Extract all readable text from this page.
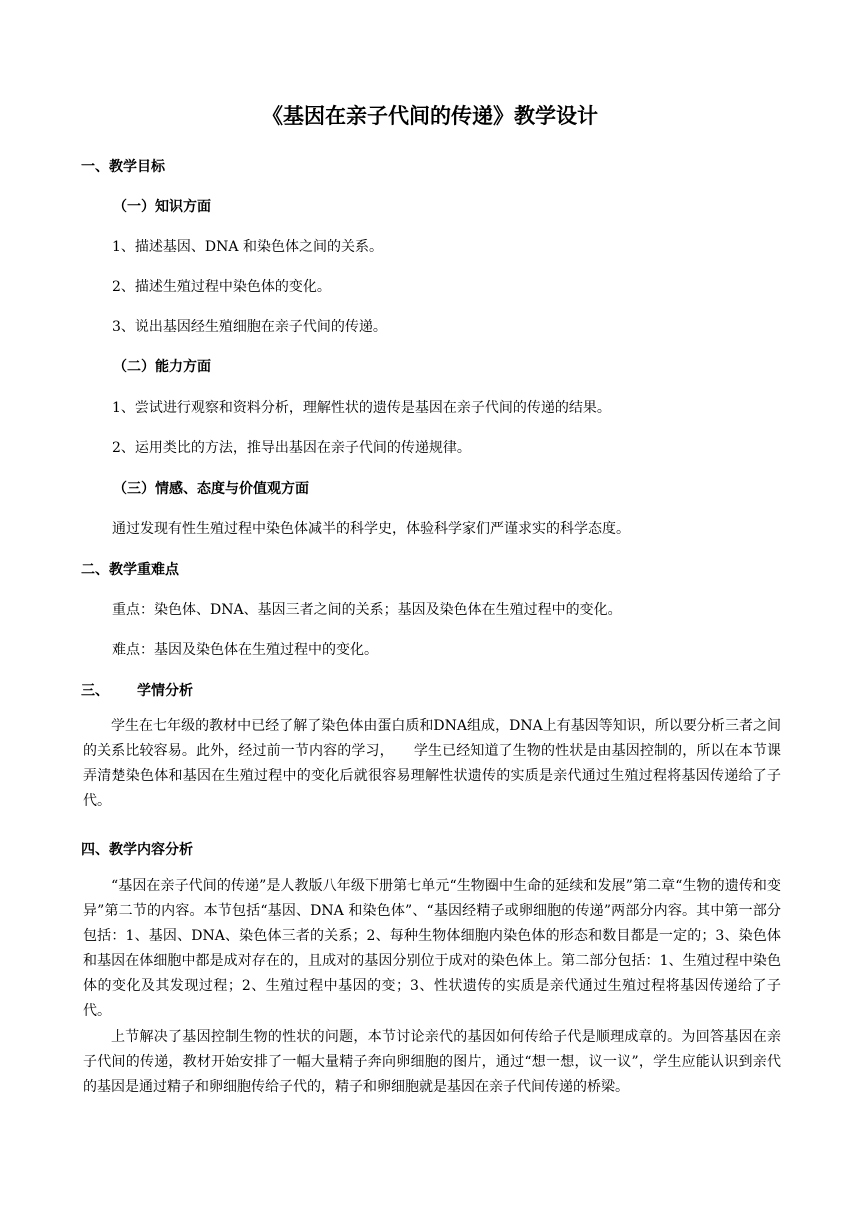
《基因在亲子代间的传递》教学设计
一、教学目标
（一）知识方面
1、描述基因、DNA 和染色体之间的关系。
2、描述生殖过程中染色体的变化。
3、说出基因经生殖细胞在亲子代间的传递。
（二）能力方面
1、尝试进行观察和资料分析，理解性状的遗传是基因在亲子代间的传递的结果。
2、运用类比的方法，推导出基因在亲子代间的传递规律。
（三）情感、态度与价值观方面
通过发现有性生殖过程中染色体减半的科学史，体验科学家们严谨求实的科学态度。
二、教学重难点
重点：染色体、DNA、基因三者之间的关系；基因及染色体在生殖过程中的变化。
难点：基因及染色体在生殖过程中的变化。
三、 学情分析
学生在七年级的教材中已经了解了染色体由蛋白质和DNA组成，DNA上有基因等知识，所以要分析三者之间的关系比较容易。此外，经过前一节内容的学习， 学生已经知道了生物的性状是由基因控制的，所以在本节课弄清楚染色体和基因在生殖过程中的变化后就很容易理解性状遗传的实质是亲代通过生殖过程将基因传递给了子代。
四、教学内容分析
“基因在亲子代间的传递”是人教版八年级下册第七单元“生物圈中生命的延续和发展”第二章“生物的遗传和变异”第二节的内容。本节包括“基因、DNA 和染色体”、“基因经精子或卵细胞的传递”两部分内容。其中第一部分包括：1、基因、DNA、染色体三者的关系；2、每种生物体细胞内染色体的形态和数目都是一定的；3、染色体和基因在体细胞中都是成对存在的，且成对的基因分别位于成对的染色体上。第二部分包括：1、生殖过程中染色体的变化及其发现过程；2、生殖过程中基因的变；3、性状遗传的实质是亲代通过生殖过程将基因传递给了子代。
上节解决了基因控制生物的性状的问题，本节讨论亲代的基因如何传给子代是顺理成章的。为回答基因在亲子代间的传递，教材开始安排了一幅大量精子奔向卵细胞的图片，通过“想一想，议一议”，学生应能认识到亲代的基因是通过精子和卵细胞传给子代的，精子和卵细胞就是基因在亲子代间传递的桥梁。
